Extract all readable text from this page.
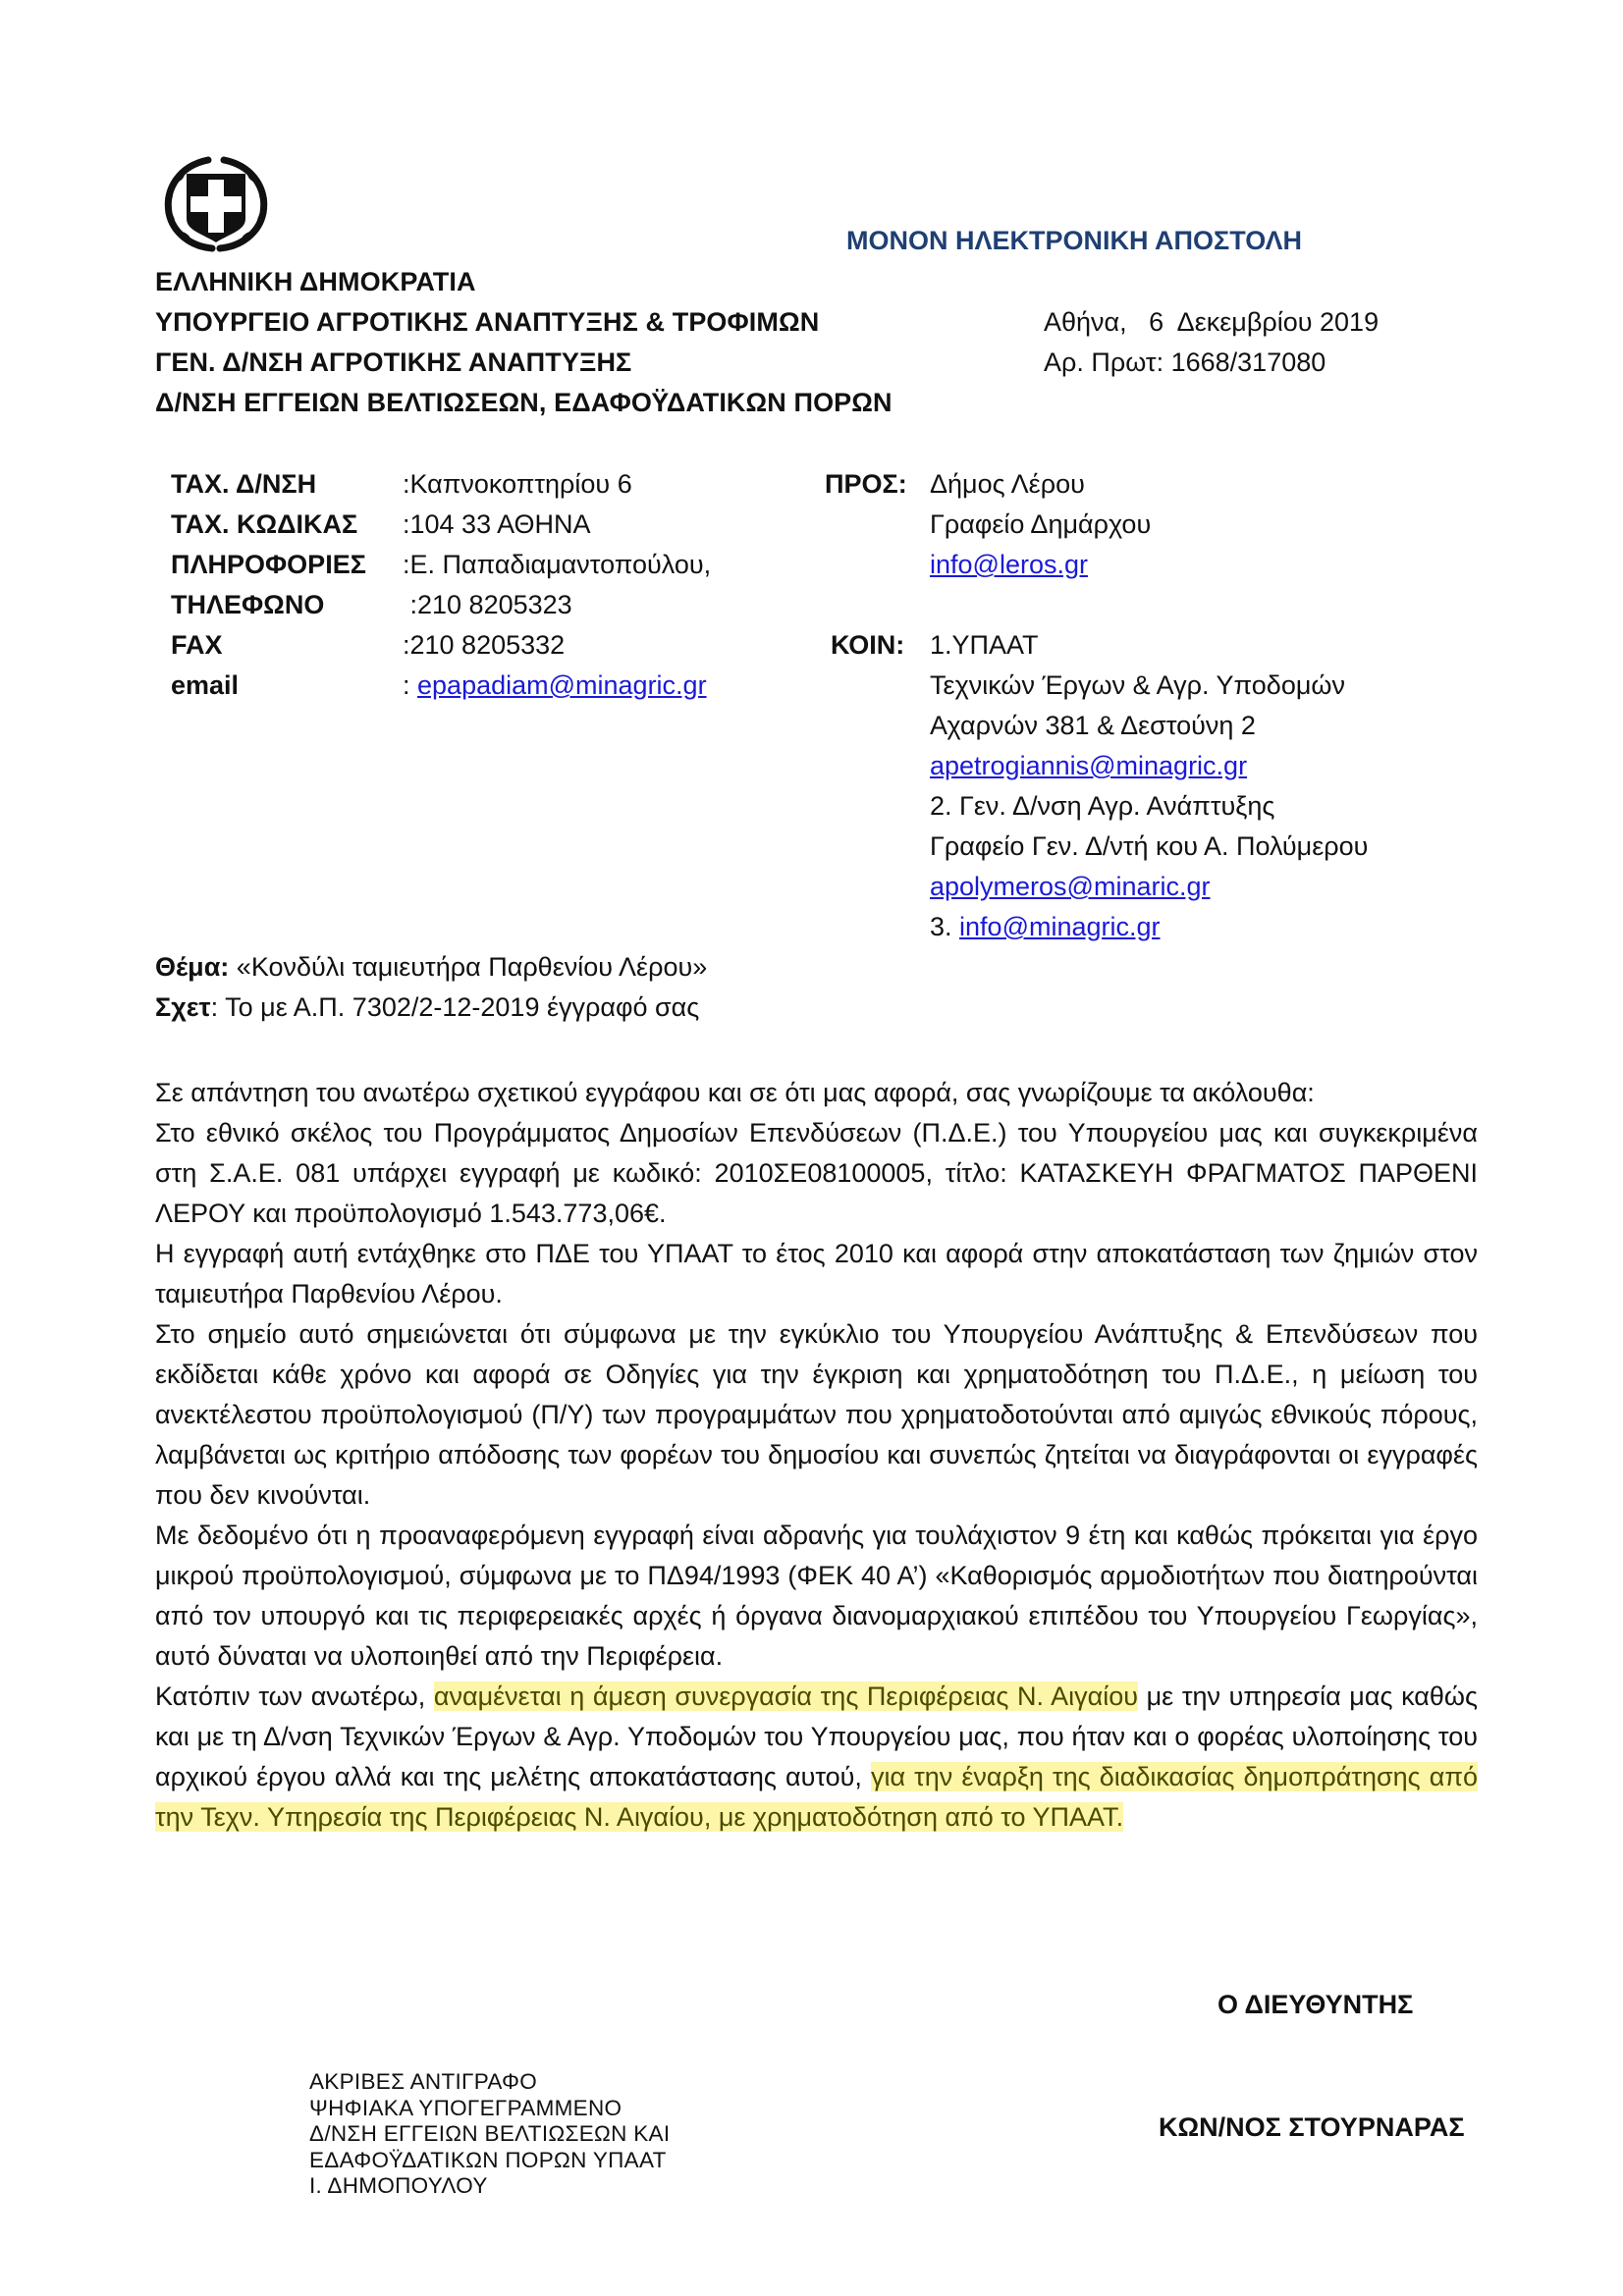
ΜΟΝΟΝ ΗΛΕΚΤΡΟΝΙΚΗ ΑΠΟΣΤΟΛΗ
ΕΛΛΗΝΙΚΗ ΔΗΜΟΚΡΑΤΙΑ
ΥΠΟΥΡΓΕΙΟ ΑΓΡΟΤΙΚΗΣ ΑΝΑΠΤΥΞΗΣ & ΤΡΟΦΙΜΩΝ
ΓΕΝ. Δ/ΝΣΗ ΑΓΡΟΤΙΚΗΣ ΑΝΑΠΤΥΞΗΣ
Δ/ΝΣΗ ΕΓΓΕΙΩΝ ΒΕΛΤΙΩΣΕΩΝ, ΕΔΑΦΟΫΔΑΤΙΚΩΝ ΠΟΡΩΝ
Αθήνα,   6  Δεκεμβρίου 2019
Αρ. Πρωτ: 1668/317080
ΤΑΧ. Δ/ΝΣΗ	:Καπνοκοπτηρίου 6
ΤΑΧ. ΚΩΔΙΚΑΣ :104 33 ΑΘΗΝΑ
ΠΛΗΡΟΦΟΡΙΕΣ :Ε. Παπαδιαμαντοπούλου,
ΤΗΛΕΦΩΝΟ	:210 8205323
FAX	:210 8205332
email	: epapadiam@minagric.gr
ΠΡΟΣ: Δήμος Λέρου
Γραφείο Δημάρχου
info@leros.gr
ΚΟΙΝ: 1.ΥΠΑΑΤ
Τεχνικών Έργων & Αγρ. Υποδομών
Αχαρνών 381 & Δεστούνη 2
apetrogiannis@minagric.gr
2. Γεν. Δ/νση Αγρ. Ανάπτυξης
Γραφείο Γεν. Δ/ντή κου Α. Πολύμερου
apolymeros@minaric.gr
3. info@minagric.gr
Θέμα: «Κονδύλι ταμιευτήρα Παρθενίου Λέρου»
Σχετ: Το με Α.Π. 7302/2-12-2019 έγγραφό σας

Σε απάντηση του ανωτέρω σχετικού εγγράφου και σε ότι μας αφορά, σας γνωρίζουμε τα ακόλουθα:

Στο εθνικό σκέλος του Προγράμματος Δημοσίων Επενδύσεων (Π.Δ.Ε.) του Υπουργείου μας και συγκεκριμένα στη Σ.Α.Ε. 081 υπάρχει εγγραφή με κωδικό: 2010ΣΕ08100005, τίτλο: ΚΑΤΑΣΚΕΥΗ ΦΡΑΓΜΑΤΟΣ ΠΑΡΘΕΝΙ ΛΕΡΟΥ και προϋπολογισμό 1.543.773,06€.

Η εγγραφή αυτή εντάχθηκε στο ΠΔΕ του ΥΠΑΑΤ το έτος 2010 και αφορά στην αποκατάσταση των ζημιών στον ταμιευτήρα Παρθενίου Λέρου.

Στο σημείο αυτό σημειώνεται ότι σύμφωνα με την εγκύκλιο του Υπουργείου Ανάπτυξης & Επενδύσεων που εκδίδεται κάθε χρόνο και αφορά σε Οδηγίες για την έγκριση και χρηματοδότηση του Π.Δ.Ε., η μείωση του ανεκτέλεστου προϋπολογισμού (Π/Υ) των προγραμμάτων που χρηματοδοτούνται από αμιγώς εθνικούς πόρους, λαμβάνεται ως κριτήριο απόδοσης των φορέων του δημοσίου και συνεπώς ζητείται να διαγράφονται οι εγγραφές που δεν κινούνται.

Με δεδομένο ότι η προαναφερόμενη εγγραφή είναι αδρανής για τουλάχιστον 9 έτη και καθώς πρόκειται για έργο μικρού προϋπολογισμού, σύμφωνα με το ΠΔ94/1993 (ΦΕΚ 40 Α’) «Καθορισμός αρμοδιοτήτων που διατηρούνται από τον υπουργό και τις περιφερειακές αρχές ή όργανα διανομαρχιακού επιπέδου του Υπουργείου Γεωργίας», αυτό δύναται να υλοποιηθεί από την Περιφέρεια.

Κατόπιν των ανωτέρω, αναμένεται η άμεση συνεργασία της Περιφέρειας Ν. Αιγαίου με την υπηρεσία μας καθώς και με τη Δ/νση Τεχνικών Έργων & Αγρ. Υποδομών του Υπουργείου μας, που ήταν και ο φορέας υλοποίησης του αρχικού έργου αλλά και της μελέτης αποκατάστασης αυτού, για την έναρξη της διαδικασίας δημοπράτησης από την Τεχν. Υπηρεσία της Περιφέρειας Ν. Αιγαίου, με χρηματοδότηση από το ΥΠΑΑΤ.

Ο ΔΙΕΥΘΥΝΤΗΣ
ΚΩΝ/ΝΟΣ ΣΤΟΥΡΝΑΡΑΣ
ΑΚΡΙΒΕΣ ΑΝΤΙΓΡΑΦΟ
ΨΗΦΙΑΚΑ ΥΠΟΓΕΓΡΑΜΜΕΝΟ
Δ/ΝΣΗ ΕΓΓΕΙΩΝ ΒΕΛΤΙΩΣΕΩΝ ΚΑΙ
ΕΔΑΦΟΫΔΑΤΙΚΩΝ ΠΟΡΩΝ ΥΠΑΑΤ
Ι. ΔΗΜΟΠΟΥΛΟΥ
